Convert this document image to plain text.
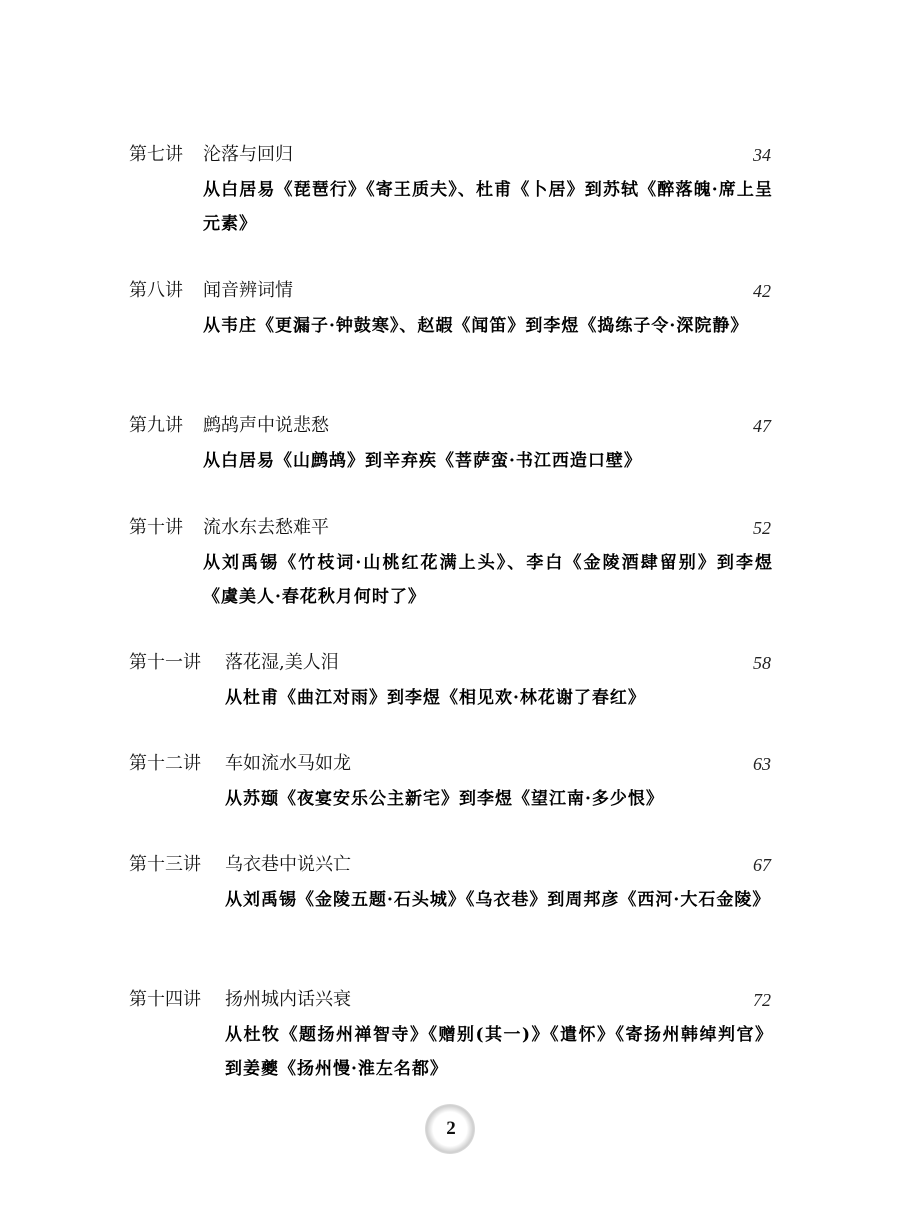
第七讲 沦落与回归	34
从白居易《琵琶行》《寄王质夫》、杜甫《卜居》到苏轼《醉落魄·席上呈元素》
第八讲 闻音辨词情	42
从韦庄《更漏子·钟鼓寒》、赵嘏《闻笛》到李煜《捣练子令·深院静》
第九讲 鹧鸪声中说悲愁	47
从白居易《山鹧鸪》到辛弃疾《菩萨蛮·书江西造口壁》
第十讲 流水东去愁难平	52
从刘禹锡《竹枝词·山桃红花满上头》、李白《金陵酒肆留别》到李煜《虞美人·春花秋月何时了》
第十一讲 落花湿,美人泪	58
从杜甫《曲江对雨》到李煜《相见欢·林花谢了春红》
第十二讲 车如流水马如龙	63
从苏颋《夜宴安乐公主新宅》到李煜《望江南·多少恨》
第十三讲 乌衣巷中说兴亡	67
从刘禹锡《金陵五题·石头城》《乌衣巷》到周邦彦《西河·大石金陵》
第十四讲 扬州城内话兴衰	72
从杜牧《题扬州禅智寺》《赠别(其一)》《遣怀》《寄扬州韩绰判官》到姜夔《扬州慢·淮左名都》
2
